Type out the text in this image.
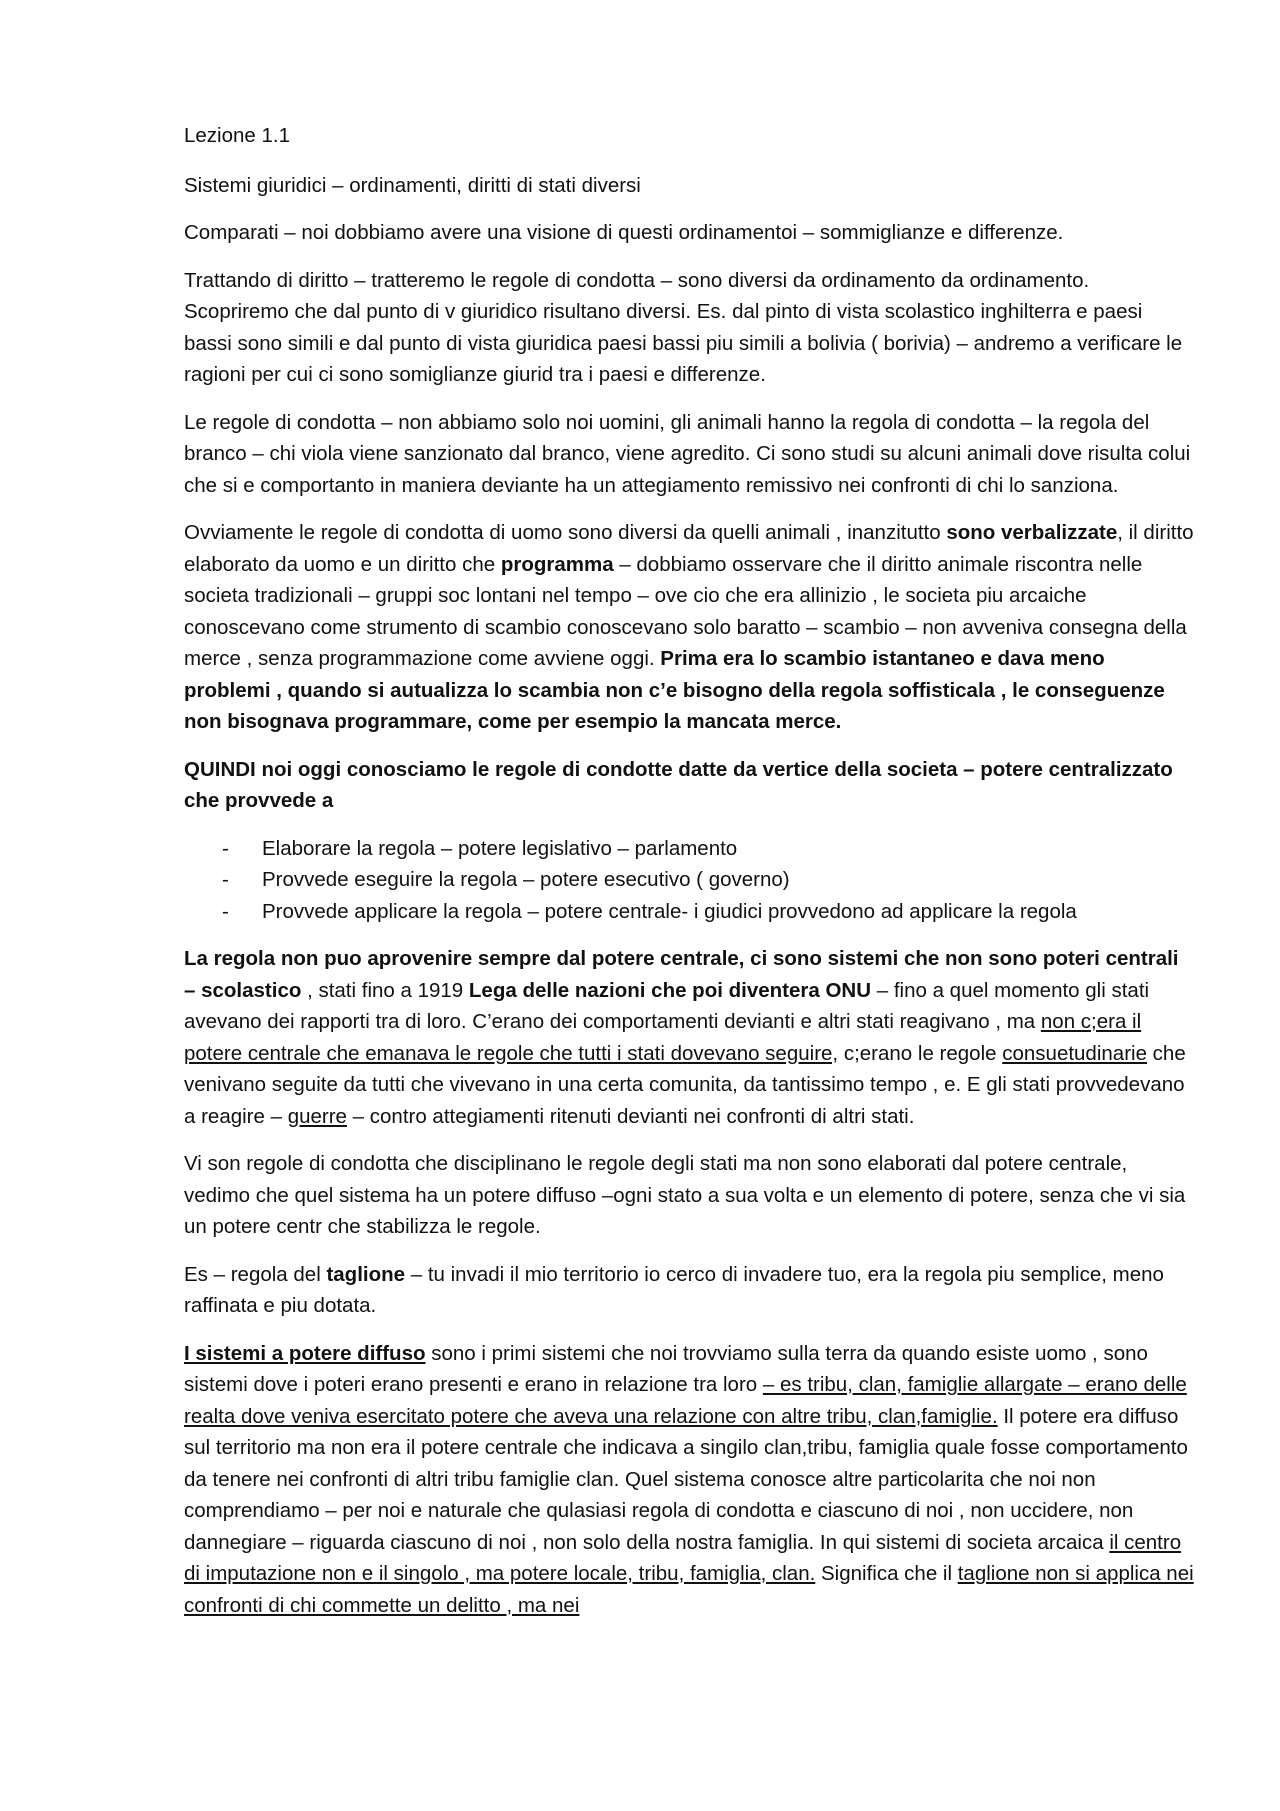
Lezione 1.1

Sistemi giuridici – ordinamenti, diritti di stati diversi

Comparati – noi dobbiamo avere una visione di questi ordinamentoi – sommiglianze e differenze.

Trattando di diritto – tratteremo le regole di condotta – sono diversi da ordinamento da ordinamento. Scopriremo che dal punto di v giuridico risultano diversi. Es. dal pinto di vista scolastico inghilterra e paesi bassi sono simili e dal punto di vista giuridica paesi bassi piu simili a bolivia ( borivia) – andremo a verificare le ragioni per cui ci sono somiglianze giurid tra i paesi e differenze.

Le regole di condotta – non abbiamo solo noi uomini, gli animali hanno la regola di condotta – la regola del branco – chi viola viene sanzionato dal branco, viene agredito. Ci sono studi su alcuni animali dove risulta colui che si e comportanto in maniera deviante ha un attegiamento remissivo nei confronti di chi lo sanziona.

Ovviamente le regole di condotta di uomo sono diversi da quelli animali , inanzitutto sono verbalizzate, il diritto elaborato da uomo e un diritto che programma – dobbiamo osservare che il diritto animale riscontra nelle societa tradizionali – gruppi soc lontani nel tempo – ove cio che era allinizio , le societa piu arcaiche conoscevano come strumento di scambio conoscevano solo baratto – scambio – non avveniva consegna della merce , senza programmazione come avviene oggi. Prima era lo scambio istantaneo e dava meno problemi , quando si autualizza lo scambia non c’e bisogno della regola soffisticala , le conseguenze non bisognava programmare, come per esempio la mancata merce.

QUINDI noi oggi conosciamo le regole di condotte datte da vertice della societa – potere centralizzato che provvede a

- Elaborare la regola – potere legislativo – parlamento
- Provvede eseguire la regola – potere esecutivo ( governo)
- Provvede applicare la regola – potere centrale- i giudici provvedono ad applicare la regola

La regola non puo aprovenire sempre dal potere centrale, ci sono sistemi che non sono poteri centrali – scolastico , stati fino a 1919 Lega delle nazioni che poi diventera ONU – fino a quel momento gli stati avevano dei rapporti tra di loro. C’erano dei comportamenti devianti e altri stati reagivano , ma non c;era il potere centrale che emanava le regole che tutti i stati dovevano seguire, c;erano le regole consuetudinarie che venivano seguite da tutti che vivevano in una certa comunita, da tantissimo tempo , e. E gli stati provvedevano a reagire – guerre – contro attegiamenti ritenuti devianti nei confronti di altri stati.

Vi son regole di condotta che disciplinano le regole degli stati ma non sono elaborati dal potere centrale, vedimo che quel sistema ha un potere diffuso –ogni stato a sua volta e un elemento di potere, senza che vi sia un potere centr che stabilizza le regole.

Es – regola del taglione – tu invadi il mio territorio io cerco di invadere tuo, era la regola piu semplice, meno raffinata e piu dotata.

I sistemi a potere diffuso sono i primi sistemi che noi trovviamo sulla terra da quando esiste uomo , sono sistemi dove i poteri erano presenti e erano in relazione tra loro – es tribu, clan, famiglie allargate – erano delle realta dove veniva esercitato potere che aveva una relazione con altre tribu, clan,famiglie. Il potere era diffuso sul territorio ma non era il potere centrale che indicava a singilo clan,tribu, famiglia quale fosse comportamento da tenere nei confronti di altri tribu famiglie clan. Quel sistema conosce altre particolarita che noi non comprendiamo – per noi e naturale che qulasiasi regola di condotta e ciascuno di noi , non uccidere, non dannegiare – riguarda ciascuno di noi , non solo della nostra famiglia. In qui sistemi di societa arcaica il centro di imputazione non e il singolo , ma potere locale, tribu, famiglia, clan. Significa che il taglione non si applica nei confronti di chi commette un delitto , ma nei
